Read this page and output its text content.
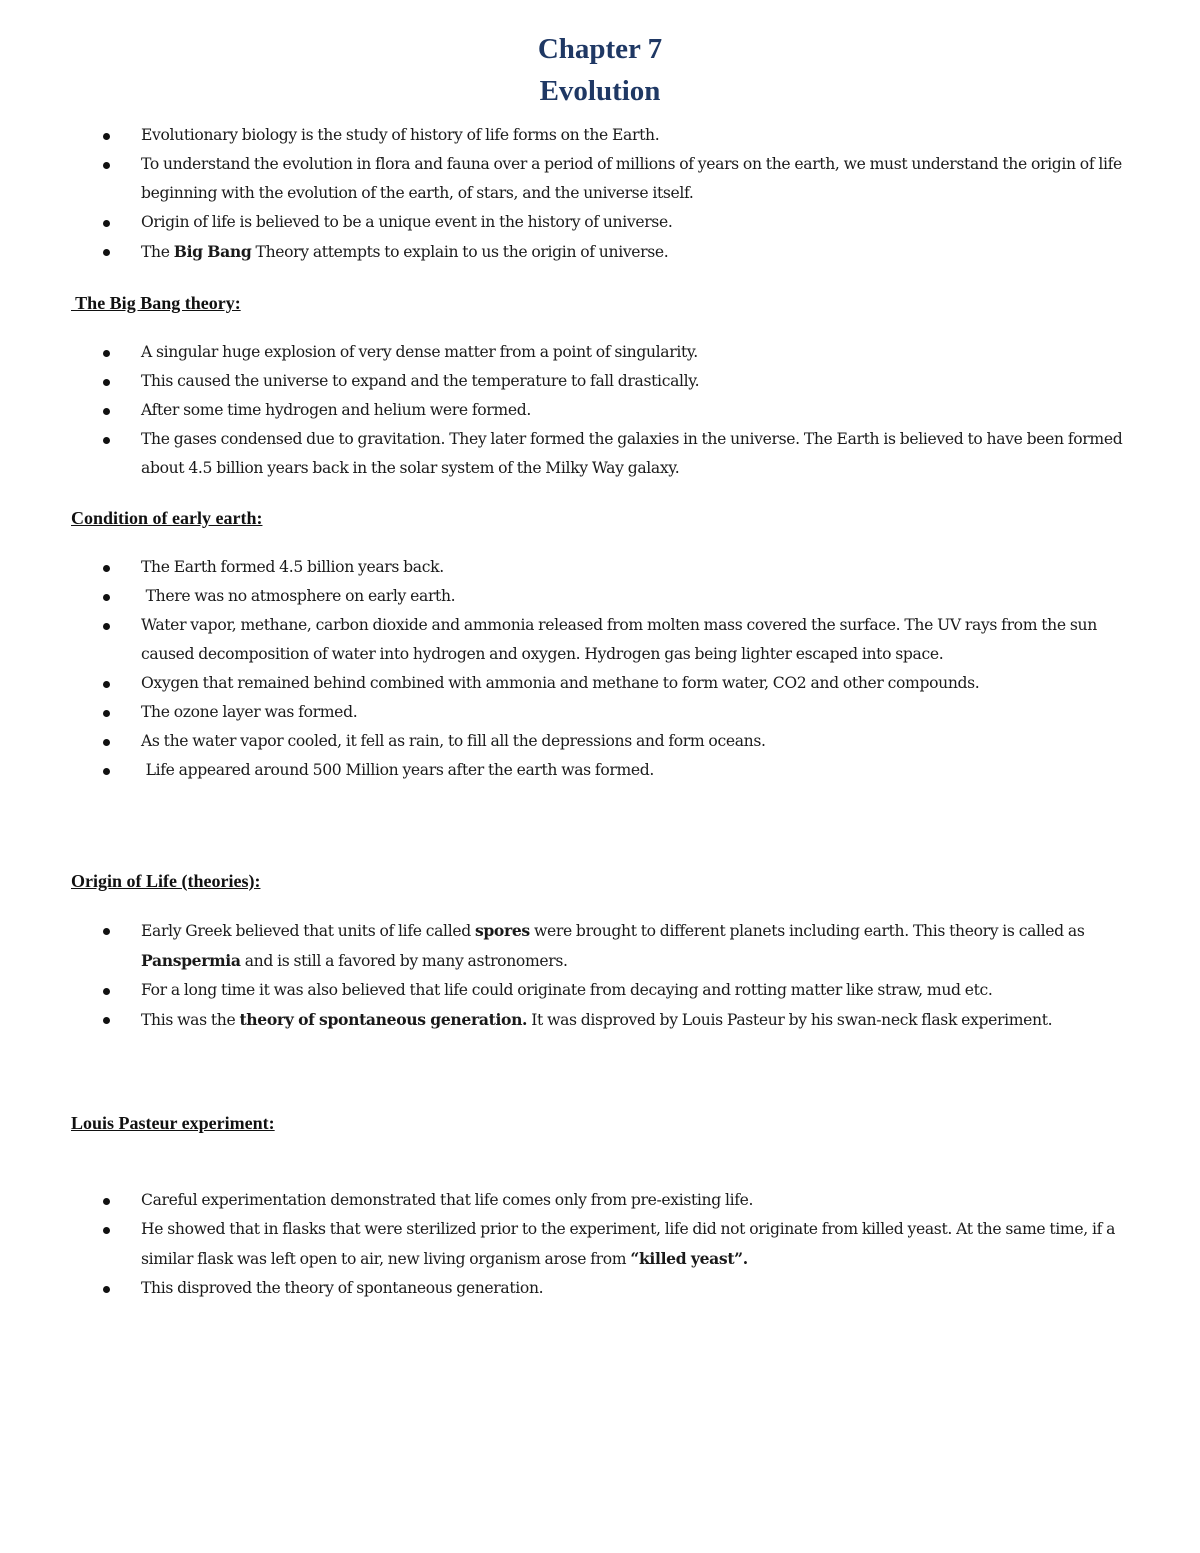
Chapter 7
Evolution
Evolutionary biology is the study of history of life forms on the Earth.
To understand the evolution in flora and fauna over a period of millions of years on the earth, we must understand the origin of life beginning with the evolution of the earth, of stars, and the universe itself.
Origin of life is believed to be a unique event in the history of universe.
The Big Bang Theory attempts to explain to us the origin of universe.
The Big Bang theory:
A singular huge explosion of very dense matter from a point of singularity.
This caused the universe to expand and the temperature to fall drastically.
After some time hydrogen and helium were formed.
The gases condensed due to gravitation. They later formed the galaxies in the universe. The Earth is believed to have been formed about 4.5 billion years back in the solar system of the Milky Way galaxy.
Condition of early earth:
The Earth formed 4.5 billion years back.
There was no atmosphere on early earth.
Water vapor, methane, carbon dioxide and ammonia released from molten mass covered the surface. The UV rays from the sun caused decomposition of water into hydrogen and oxygen. Hydrogen gas being lighter escaped into space.
Oxygen that remained behind combined with ammonia and methane to form water, CO2 and other compounds.
The ozone layer was formed.
As the water vapor cooled, it fell as rain, to fill all the depressions and form oceans.
Life appeared around 500 Million years after the earth was formed.
Origin of Life (theories):
Early Greek believed that units of life called spores were brought to different planets including earth. This theory is called as Panspermia and is still a favored by many astronomers.
For a long time it was also believed that life could originate from decaying and rotting matter like straw, mud etc.
This was the theory of spontaneous generation. It was disproved by Louis Pasteur by his swan-neck flask experiment.
Louis Pasteur experiment:
Careful experimentation demonstrated that life comes only from pre-existing life.
He showed that in flasks that were sterilized prior to the experiment, life did not originate from killed yeast. At the same time, if a similar flask was left open to air, new living organism arose from “killed yeast”.
This disproved the theory of spontaneous generation.
